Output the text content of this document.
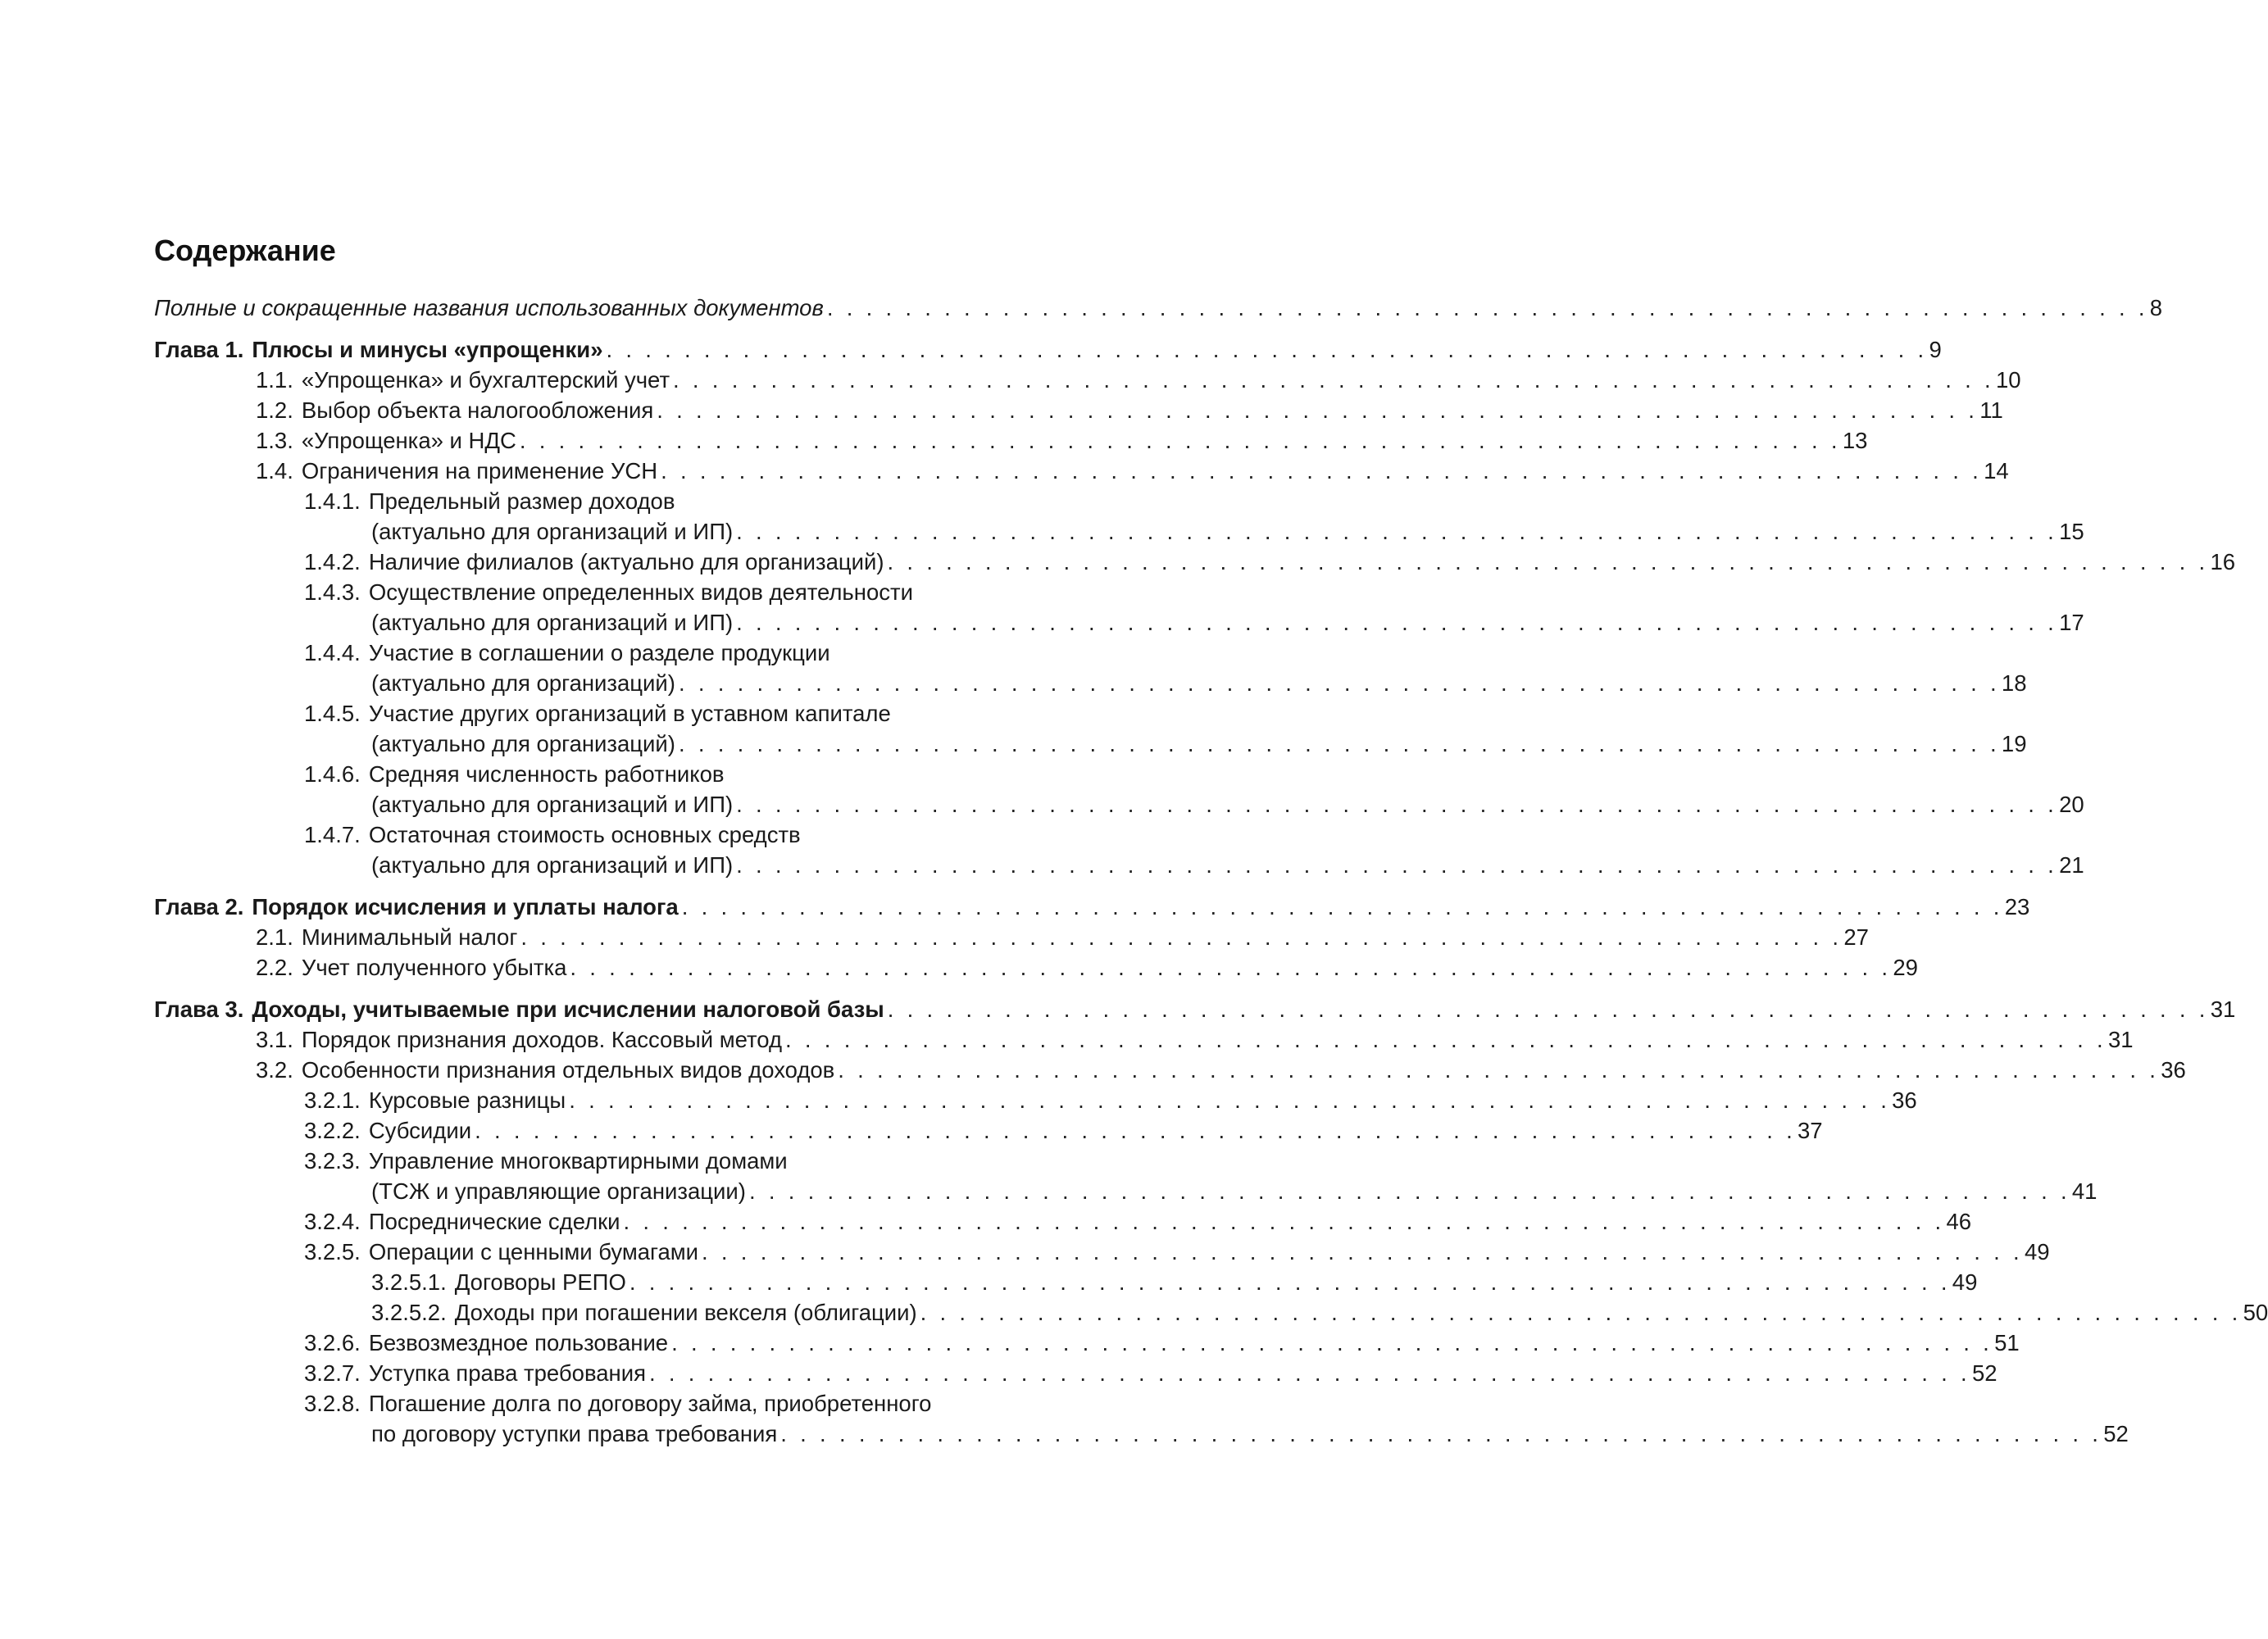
Содержание
Полные и сокращенные названия использованных документов . . . . . . . . . . . . . . . . . . . . . . . . . . . . . . . . . . . . . . . . . . . . . . . . . . . . . . . . . . . . . . . . . . . . 8
Глава 1. Плюсы и минусы «упрощенки» . . . . . . . . . . . . . . . . . . . . . . . . . . . . . . . . . . . . . . . . . . . . . . . . . . . . . . . . . . . . . . . . . . . . 9
1.1. «Упрощенка» и бухгалтерский учет . . . . . . . . . . . . . . . . . . . . . . . . . . . . . . . . . . . . . . . . . . . . . . . . . . . . . . . . . . . . . . . . . . . . 10
1.2. Выбор объекта налогообложения . . . . . . . . . . . . . . . . . . . . . . . . . . . . . . . . . . . . . . . . . . . . . . . . . . . . . . . . . . . . . . . . . . . . 11
1.3. «Упрощенка» и НДС . . . . . . . . . . . . . . . . . . . . . . . . . . . . . . . . . . . . . . . . . . . . . . . . . . . . . . . . . . . . . . . . . . . . 13
1.4. Ограничения на применение УСН . . . . . . . . . . . . . . . . . . . . . . . . . . . . . . . . . . . . . . . . . . . . . . . . . . . . . . . . . . . . . . . . . . . . 14
1.4.1. Предельный размер доходов
(актуально для организаций и ИП) . . . . . . . . . . . . . . . . . . . . . . . . . . . . . . . . . . . . . . . . . . . . . . . . . . . . . . . . . . . . . . . . . . . . 15
1.4.2. Наличие филиалов (актуально для организаций) . . . . . . . . . . . . . . . . . . . . . . . . . . . . . . . . . . . . . . . . . . . . . . . . . . . . . . . . . . . . . . . . . . . . 16
1.4.3. Осуществление определенных видов деятельности
(актуально для организаций и ИП) . . . . . . . . . . . . . . . . . . . . . . . . . . . . . . . . . . . . . . . . . . . . . . . . . . . . . . . . . . . . . . . . . . . . 17
1.4.4. Участие в соглашении о разделе продукции
(актуально для организаций) . . . . . . . . . . . . . . . . . . . . . . . . . . . . . . . . . . . . . . . . . . . . . . . . . . . . . . . . . . . . . . . . . . . . 18
1.4.5. Участие других организаций в уставном капитале
(актуально для организаций) . . . . . . . . . . . . . . . . . . . . . . . . . . . . . . . . . . . . . . . . . . . . . . . . . . . . . . . . . . . . . . . . . . . . 19
1.4.6. Средняя численность работников
(актуально для организаций и ИП) . . . . . . . . . . . . . . . . . . . . . . . . . . . . . . . . . . . . . . . . . . . . . . . . . . . . . . . . . . . . . . . . . . . . 20
1.4.7. Остаточная стоимость основных средств
(актуально для организаций и ИП) . . . . . . . . . . . . . . . . . . . . . . . . . . . . . . . . . . . . . . . . . . . . . . . . . . . . . . . . . . . . . . . . . . . . 21
Глава 2. Порядок исчисления и уплаты налога . . . . . . . . . . . . . . . . . . . . . . . . . . . . . . . . . . . . . . . . . . . . . . . . . . . . . . . . . . . . . . . . . . . . 23
2.1. Минимальный налог . . . . . . . . . . . . . . . . . . . . . . . . . . . . . . . . . . . . . . . . . . . . . . . . . . . . . . . . . . . . . . . . . . . . 27
2.2. Учет полученного убытка . . . . . . . . . . . . . . . . . . . . . . . . . . . . . . . . . . . . . . . . . . . . . . . . . . . . . . . . . . . . . . . . . . . . 29
Глава 3. Доходы, учитываемые при исчислении налоговой базы . . . . . . . . . . . . . . . . . . . . . . . . . . . . . . . . . . . . . . . . . . . . . . . . . . . . . . . . . . . . . . . . . . . . 31
3.1. Порядок признания доходов. Кассовый метод . . . . . . . . . . . . . . . . . . . . . . . . . . . . . . . . . . . . . . . . . . . . . . . . . . . . . . . . . . . . . . . . . . . . 31
3.2. Особенности признания отдельных видов доходов . . . . . . . . . . . . . . . . . . . . . . . . . . . . . . . . . . . . . . . . . . . . . . . . . . . . . . . . . . . . . . . . . . . . 36
3.2.1. Курсовые разницы . . . . . . . . . . . . . . . . . . . . . . . . . . . . . . . . . . . . . . . . . . . . . . . . . . . . . . . . . . . . . . . . . . . . 36
3.2.2. Субсидии . . . . . . . . . . . . . . . . . . . . . . . . . . . . . . . . . . . . . . . . . . . . . . . . . . . . . . . . . . . . . . . . . . . . 37
3.2.3. Управление многоквартирными домами
(ТСЖ и управляющие организации) . . . . . . . . . . . . . . . . . . . . . . . . . . . . . . . . . . . . . . . . . . . . . . . . . . . . . . . . . . . . . . . . . . . . 41
3.2.4. Посреднические сделки . . . . . . . . . . . . . . . . . . . . . . . . . . . . . . . . . . . . . . . . . . . . . . . . . . . . . . . . . . . . . . . . . . . . 46
3.2.5. Операции с ценными бумагами . . . . . . . . . . . . . . . . . . . . . . . . . . . . . . . . . . . . . . . . . . . . . . . . . . . . . . . . . . . . . . . . . . . . 49
3.2.5.1. Договоры РЕПО . . . . . . . . . . . . . . . . . . . . . . . . . . . . . . . . . . . . . . . . . . . . . . . . . . . . . . . . . . . . . . . . . . . . 49
3.2.5.2. Доходы при погашении векселя (облигации) . . . . . . . . . . . . . . . . . . . . . . . . . . . . . . . . . . . . . . . . . . . . . . . . . . . . . . . . . . . . . . . . . . . . 50
3.2.6. Безвозмездное пользование . . . . . . . . . . . . . . . . . . . . . . . . . . . . . . . . . . . . . . . . . . . . . . . . . . . . . . . . . . . . . . . . . . . . 51
3.2.7. Уступка права требования . . . . . . . . . . . . . . . . . . . . . . . . . . . . . . . . . . . . . . . . . . . . . . . . . . . . . . . . . . . . . . . . . . . . 52
3.2.8. Погашение долга по договору займа, приобретенного
по договору уступки права требования . . . . . . . . . . . . . . . . . . . . . . . . . . . . . . . . . . . . . . . . . . . . . . . . . . . . . . . . . . . . . . . . . . . . 52
